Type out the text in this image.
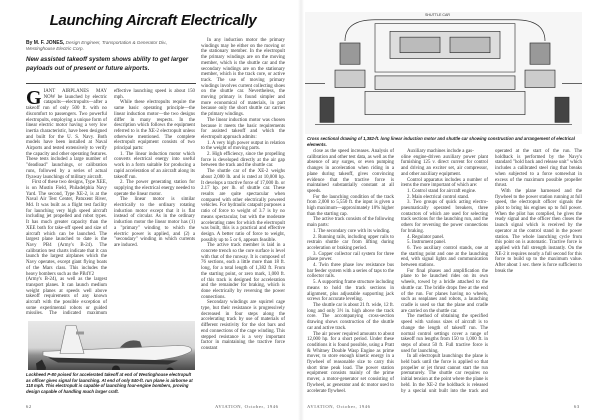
Launching Aircraft Electrically
By M. F. JONES, Design Engineer, Transportation & Generator Div., Westinghouse Electric Corp.
New assisted takeoff system shows ability to get larger payloads out of present or future airports.
G IANT AIRPLANES MAY NOW be launched by electric catapults—electropults—after a takeoff run of only 500 ft. with no discomfort to passengers. Two powerful electropults, employing a unique form of linear electric motor having a very low inertia characteristic, have been designed and built for the U. S. Navy. Both models have been installed at Naval Airports and tested extensively to verify the capacity and other operating features. These tests included a large number of "deadload" launchings, or calibration runs, followed by a series of actual flyaway launchings of military aircraft.

First of these two designs, Type XEE, is on Mustin Field, Philadelphia Navy Yard. The second, Type XE-2, is at the Naval Air Test Center, Patuxent River, Md. It was built as a flight test facility for launching very high speed aircraft including jet propelled and robot types. It has much greater capacity than the XEE both for take-off speed and size of aircraft which can be launched. The largest plane launched to date is the Navy PB4 (Army's B-24). The calibration test charts indicate that it can launch the largest airplanes which the Navy operates, except giant flying boats of the Mars class. This includes the heavy bombers such as the PB4Y2

(Army's B-24), as well as the largest transport planes. It can launch medium weight planes at speeds well above takeoff requirements of any known aircraft with the possible exception of some experimental robots or guided missiles. The indicated maximum effective launching speed is about 150 mph.

While these electropults require the same basic operating principle—the linear induction motor—the two designs differ in many respects. In the description which follows the equipment referred to is the XE-2 electropult unless otherwise mentioned. The complete electropult equipment consists of two principal parts:

1. The linear induction motor which converts electrical energy into useful work in a form suitable for producing a rapid acceleration of an aircraft along its takeoff run.

2. The power generating station for supplying the electrical energy needed to operate the linear motor.

The linear motor is similar electrically to the ordinary rotating induction motor except that it is flat instead of circular. As in the ordinary induction motor the linear motor has (1) a "primary" winding to which the electric power is applied, and (2) a "secondary" winding in which currents are induced.

In any induction motor the primary windings may be either on the moving or the stationary member. In the electropult the primary windings are on the moving member, which is the shuttle car and the secondary windings are on the stationary member, which is the track core, or active track. The use of moving primary windings involves current collecting shoes on the shuttle car. Nevertheless, the moving primary is found simpler and more economical of materials, in part because only the short shuttle car carries the primary windings.

The linear induction motor was chosen because it meets the basic requirements for assisted takeoff and which the electropult approach admits:

1. A very high power output in relation to the weight of moving parts.

2. High efficiency, since the propelling force is developed directly at the air gap between the track and the shuttle car.

The shuttle car of the XE-2 weighs about 2,000 lb. and is rated at 10,000 hp. It develops a tractive force of 17,000 lb. or 2.17 hp. per lb. of shuttle car. These results are quite spectacular when compared with other electrically powered vehicles. For hydraulic catapult purposes a ratio of force to weight of 3.7 is by no means spectacular, but with the moderate accelerating rates for which the electropult was built, this is a practical and effective design. A better ratio of force to weight, possibly up to 5 or 6, appears feasible.

The active track member is laid in a concrete trench so the core surface is level with that of the runway. It is composed of 76 sections, each a little more than 18 ft. long, for a total length of 1,382 ft. From the starting point, or zero mark, 1,000 ft. of this track is designed for acceleration and the remainder for braking, which is done electrically by reversing the power connections.

Secondary windings are squirrel cage type, but their resistance is progressively decreased in four steps along the accelerating track by use of materials of different resistivity for the slot bars and end connections of the cage winding. This stepped resistance is a very important factor in maintaining the tractive force constant

Lockheed P-80 poised for accelerated takeoff at end of Westinghouse electropult as officer gives signal for launching. At end of only 540-ft. run plane is airborne at 118 mph. This electropult is capable of launching four-engine bombers, proving design capable of handling much larger craft.
62	AVIATION, October, 1946
SHUTTLE CAR
Cross sectional drawing of 1,382-ft. long linear induction motor and shuttle car showing construction and arrangement of electrical elements.

close as the speed increases. Analysis of calibration and other test data, as well as the absence of any surges, or even pumping changes in acceleration when riding in a plane during takeoff, gives convincing evidence that the tractive force is maintained substantially constant at all speeds.

For the launching condition of the track from 2,000 to 5,550 ft. the input is given a high maximum—approximately 10% higher than the starting cap.

The active track consists of the following main parts:

1. The secondary core with its winding.

2. Running rails, including upper rails to restrain shuttle car from lifting during acceleration or braking period.

3. Copper collector rail system for three phase power.

4. Twin three phase low resistance bus bar feeder system with a series of taps to the collector rails.

5. A supporting frame structure including means to hold the track sections in alignment, plus adjustable supporting jack screws for accurate leveling.

The shuttle car is about 21 ft. wide, 12 ft. long and only 3½ in. high above the track core. The accompanying cross-section drawing shows construction of the shuttle car and active track.

The air power required amounts to about 12,000 hp. for a short period. Under these conditions it is found possible, using a Pratt & Whitney Double Wasp Engine as prime mover, to store enough kinetic energy in a flywheel of reasonable size to carry this short time peak load. The power station equipment consists mainly of the prime mover, a motor-generator set consisting of flywheel, ac generator and dc motor used to accelerate flywheel.

Auxiliary machines include a gas-

oline engine-driven auxiliary power plant furnishing 125 v. direct current for control and driving an exciter set, air compressor, and other auxiliary equipment.

Control apparatus includes a number of items the more important of which are:

1. Control stand for aircraft engine.

2. Main electrical control stand.

3. Two groups of quick acting electro-pneumatically operated breakers, three contactors of which are used for selecting track sections for the launching run, and the others for reversing the power connections for braking.

4. Regulator panel.

5. Instrument panel.

6. Two auxiliary control stands, one at the starting point and one at the launching end, with signal lights and communication between stations.

For final phases and amplification the plane to be launched rides on its own wheels, towed by a bridle attached to the shuttle car. The bridle drops free at the end of the run. For planes having no wheels, such as seaplanes and robots, a launching cradle is used so that the plane and cradle are carried on the shuttle car.

The method of obtaining the specified speed with various sizes of aircraft is to change the length of takeoff run. The normal control settings cover a range of takeoff run lengths from 150 to 1,000 ft. in steps of about 50 ft. Full tractive force is used for launching.

In all electropult launchings the plane is held back until the force is applied so that propeller or jet thrust cannot start the run prematurely. The shuttle car requires no initial tension at the point where the plane is held. In the XE-2 the holdback is released by a special unit built into the track and operated at the start of the run. The holdback is performed by the Navy's standard "hold back and release unit" which includes a calibrated steel ring that breaks when subjected to a force somewhat in excess of the maximum possible propeller thrust.

With the plane harnessed and the flywheel to the power station running at full speed, the electropult officer signals the pilot to bring his engines up to full power. When the pilot has complied, he gives the ready signal and the officer then closes the launch signal which is received by the operator at the control stand in the power station. The whole launching cycle from this point on is automatic. Tractive force is applied with full strength instantly. On the XE-2 it requires nearly a full second for this force to build up to the maximum value. After about 1 sec. there is force sufficient to break the

AVIATION, October, 1946	63
